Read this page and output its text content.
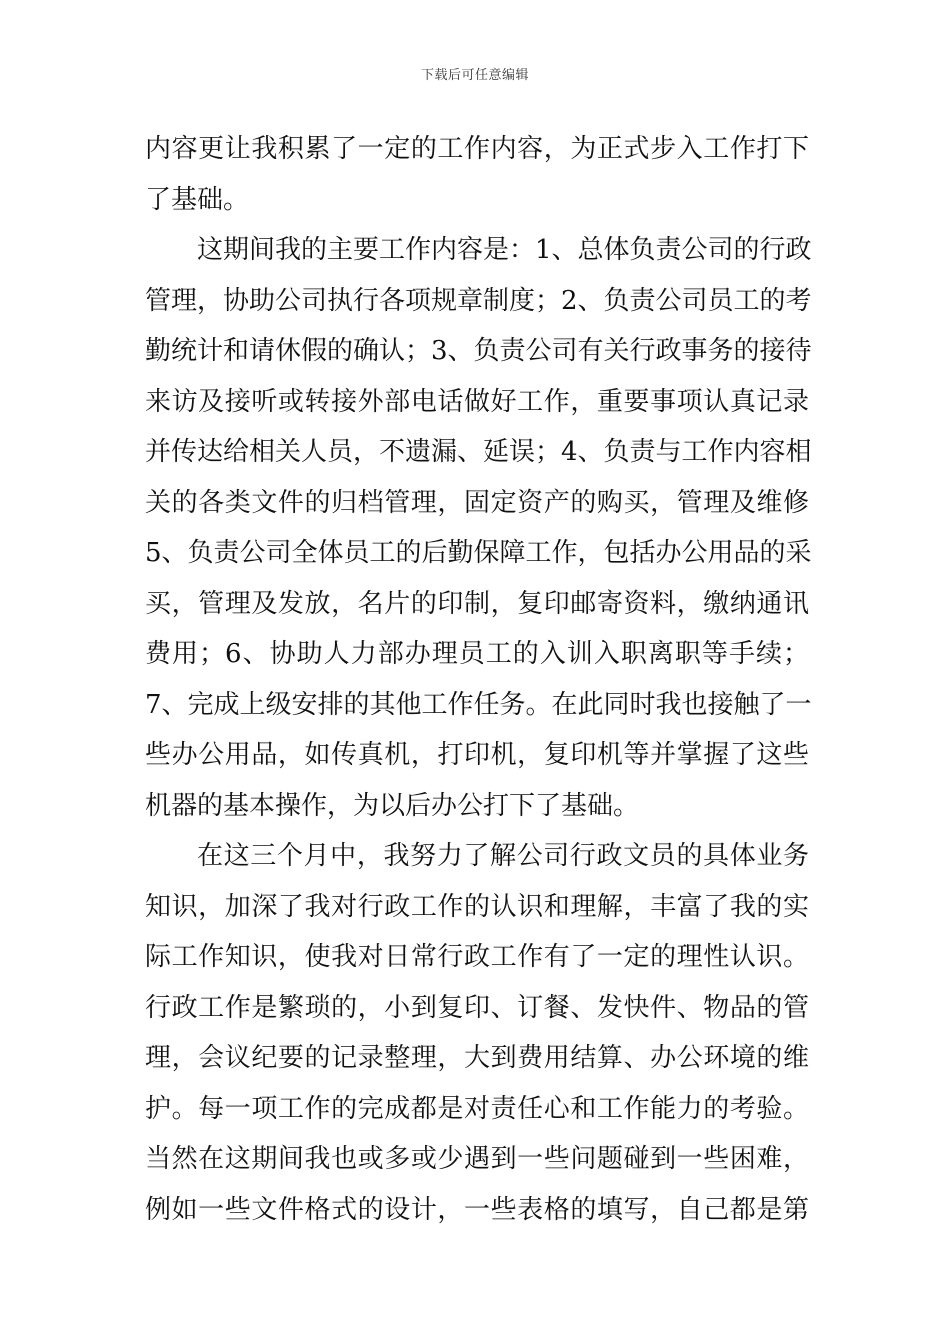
下载后可任意编辑
内容更让我积累了一定的工作内容，为正式步入工作打下
了基础。
这期间我的主要工作内容是：1、总体负责公司的行政
管理，协助公司执行各项规章制度；2、负责公司员工的考
勤统计和请休假的确认；3、负责公司有关行政事务的接待
来访及接听或转接外部电话做好工作，重要事项认真记录
并传达给相关人员，不遗漏、延误；4、负责与工作内容相
关的各类文件的归档管理，固定资产的购买，管理及维修
5、负责公司全体员工的后勤保障工作，包括办公用品的采
买，管理及发放，名片的印制，复印邮寄资料，缴纳通讯
费用；6、协助人力部办理员工的入训入职离职等手续；
7、完成上级安排的其他工作任务。在此同时我也接触了一
些办公用品，如传真机，打印机，复印机等并掌握了这些
机器的基本操作，为以后办公打下了基础。
在这三个月中，我努力了解公司行政文员的具体业务
知识，加深了我对行政工作的认识和理解，丰富了我的实
际工作知识，使我对日常行政工作有了一定的理性认识。
行政工作是繁琐的，小到复印、订餐、发快件、物品的管
理，会议纪要的记录整理，大到费用结算、办公环境的维
护。每一项工作的完成都是对责任心和工作能力的考验。
当然在这期间我也或多或少遇到一些问题碰到一些困难，
例如一些文件格式的设计，一些表格的填写，自己都是第
